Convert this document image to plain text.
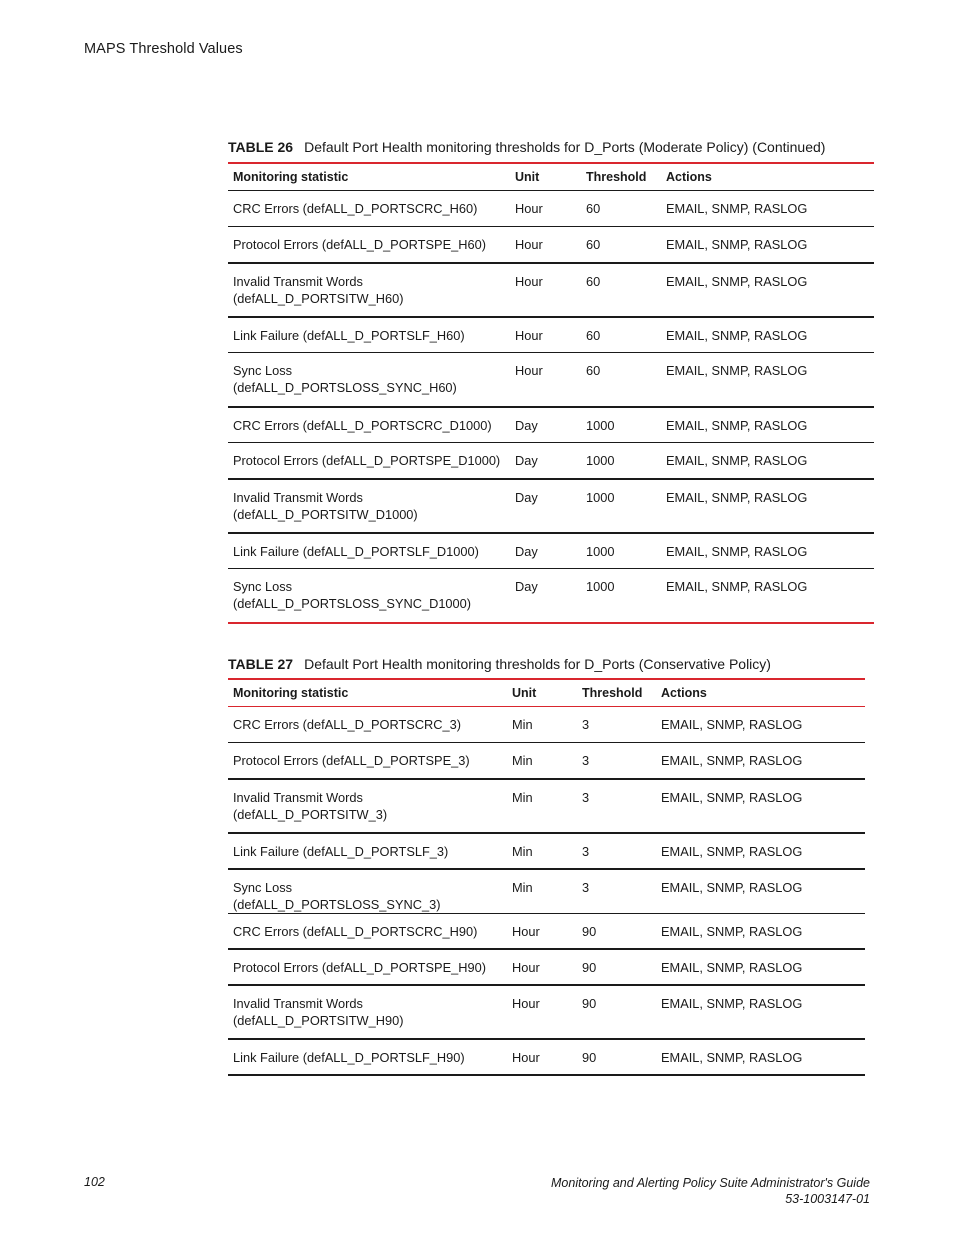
MAPS Threshold Values
TABLE 26 Default Port Health monitoring thresholds for D_Ports (Moderate Policy) (Continued)
Monitoring statistic	Unit	Threshold	Actions

CRC Errors (defALL_D_PORTSCRC_H60)	Hour	60	EMAIL, SNMP, RASLOG

Protocol Errors (defALL_D_PORTSPE_H60)	Hour	60	EMAIL, SNMP, RASLOG

Invalid Transmit Words
(defALL_D_PORTSITW_H60)	Hour	60	EMAIL, SNMP, RASLOG

Link Failure (defALL_D_PORTSLF_H60)	Hour	60	EMAIL, SNMP, RASLOG

Sync Loss
(defALL_D_PORTSLOSS_SYNC_H60)	Hour	60	EMAIL, SNMP, RASLOG

CRC Errors (defALL_D_PORTSCRC_D1000)	Day	1000	EMAIL, SNMP, RASLOG

Protocol Errors (defALL_D_PORTSPE_D1000)	Day	1000	EMAIL, SNMP, RASLOG

Invalid Transmit Words
(defALL_D_PORTSITW_D1000)	Day	1000	EMAIL, SNMP, RASLOG

Link Failure (defALL_D_PORTSLF_D1000)	Day	1000	EMAIL, SNMP, RASLOG

Sync Loss
(defALL_D_PORTSLOSS_SYNC_D1000)	Day	1000	EMAIL, SNMP, RASLOG
TABLE 27 Default Port Health monitoring thresholds for D_Ports (Conservative Policy)
Monitoring statistic	Unit	Threshold	Actions

CRC Errors (defALL_D_PORTSCRC_3)	Min	3	EMAIL, SNMP, RASLOG

Protocol Errors (defALL_D_PORTSPE_3)	Min	3	EMAIL, SNMP, RASLOG

Invalid Transmit Words
(defALL_D_PORTSITW_3)	Min	3	EMAIL, SNMP, RASLOG

Link Failure (defALL_D_PORTSLF_3)	Min	3	EMAIL, SNMP, RASLOG

Sync Loss (defALL_D_PORTSLOSS_SYNC_3)	Min	3	EMAIL, SNMP, RASLOG

CRC Errors (defALL_D_PORTSCRC_H90)	Hour	90	EMAIL, SNMP, RASLOG

Protocol Errors (defALL_D_PORTSPE_H90)	Hour	90	EMAIL, SNMP, RASLOG

Invalid Transmit Words
(defALL_D_PORTSITW_H90)	Hour	90	EMAIL, SNMP, RASLOG

Link Failure (defALL_D_PORTSLF_H90)	Hour	90	EMAIL, SNMP, RASLOG
102	Monitoring and Alerting Policy Suite Administrator's Guide
53-1003147-01
